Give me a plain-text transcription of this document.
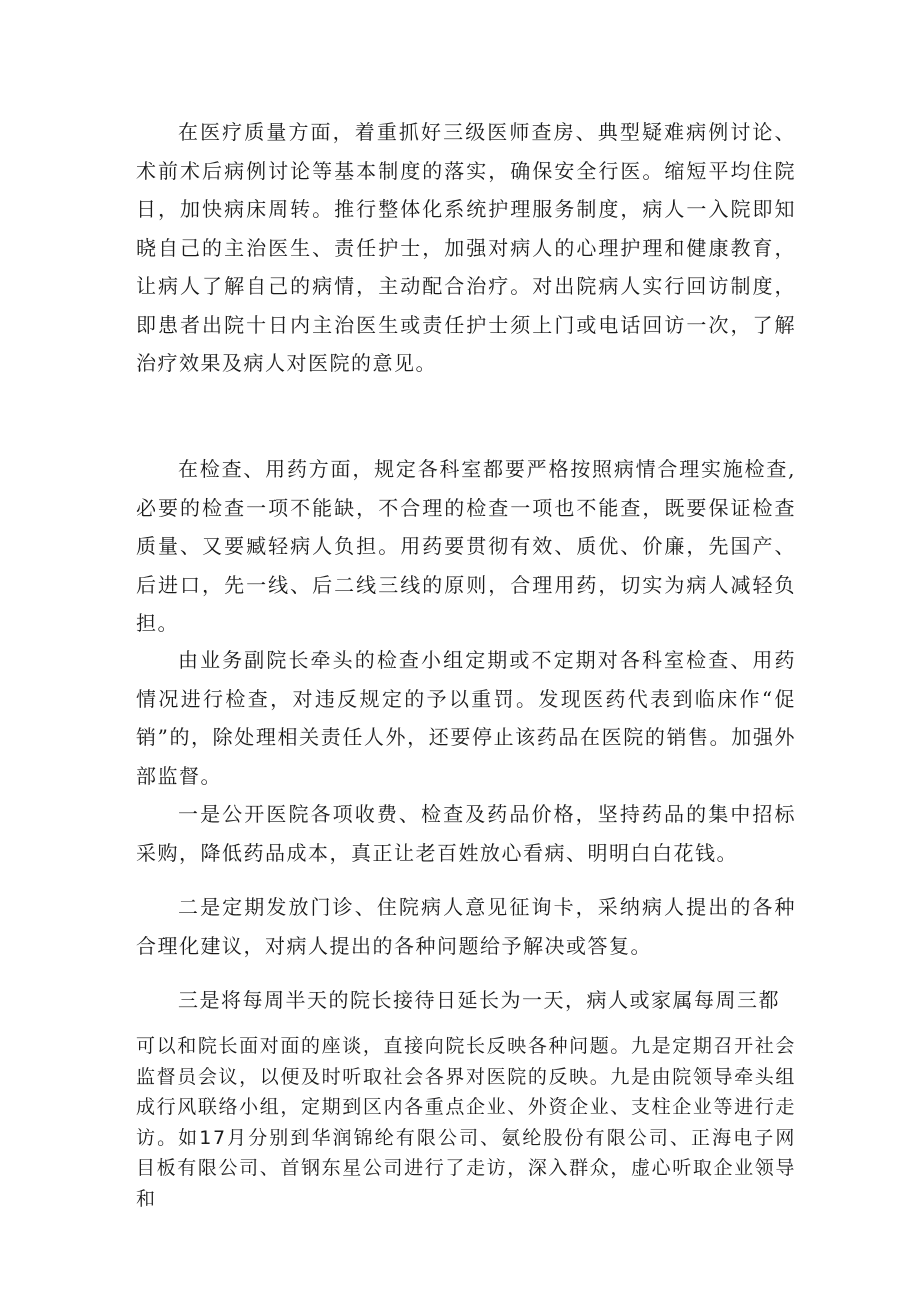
在医疗质量方面，着重抓好三级医师查房、典型疑难病例讨论、术前术后病例讨论等基本制度的落实，确保安全行医。缩短平均住院日，加快病床周转。推行整体化系统护理服务制度，病人一入院即知晓自己的主治医生、责任护士，加强对病人的心理护理和健康教育，让病人了解自己的病情，主动配合治疗。对出院病人实行回访制度，即患者出院十日内主治医生或责任护士须上门或电话回访一次，了解治疗效果及病人对医院的意见。

在检查、用药方面，规定各科室都要严格按照病情合理实施检查,必要的检查一项不能缺，不合理的检查一项也不能查，既要保证检查质量、又要臧轻病人负担。用药要贯彻有效、质优、价廉，先国产、后进口，先一线、后二线三线的原则，合理用药，切实为病人减轻负担。

由业务副院长牵头的检查小组定期或不定期对各科室检查、用药情况进行检查，对违反规定的予以重罚。发现医药代表到临床作“促销”的，除处理相关责任人外，还要停止该药品在医院的销售。加强外部监督。

一是公开医院各项收费、检查及药品价格，坚持药品的集中招标采购，降低药品成本，真正让老百姓放心看病、明明白白花钱。

二是定期发放门诊、住院病人意见征询卡，采纳病人提出的各种合理化建议，对病人提出的各种问题给予解决或答复。

三是将每周半天的院长接待日延长为一天，病人或家属每周三都

可以和院长面对面的座谈，直接向院长反映各种问题。九是定期召开社会监督员会议，以便及时听取社会各界对医院的反映。九是由院领导牵头组成行风联络小组，定期到区内各重点企业、外资企业、支柱企业等进行走访。如17月分别到华润锦纶有限公司、氨纶股份有限公司、正海电子网目板有限公司、首钢东星公司进行了走访，深入群众，虚心听取企业领导和
